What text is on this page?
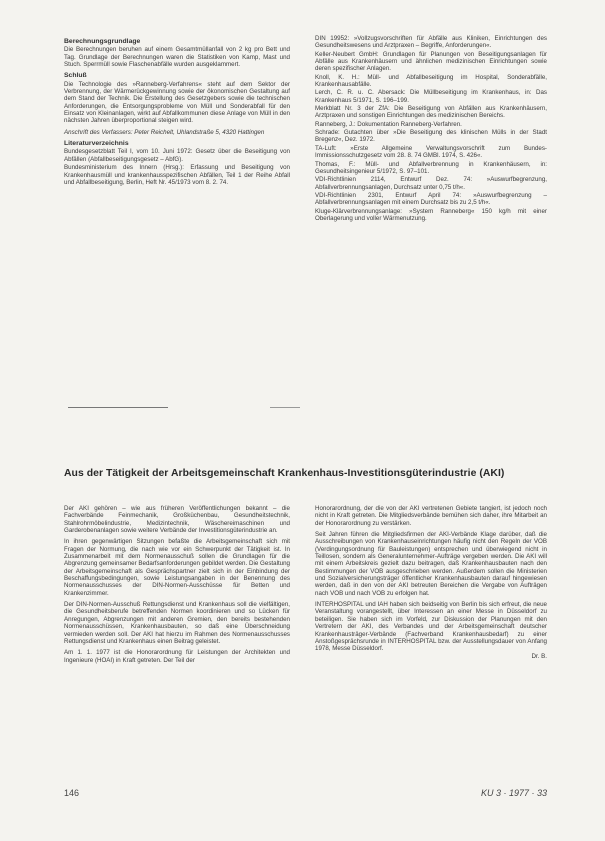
Berechnungsgrundlage

Die Berechnungen beruhen auf einem Gesamtmüllanfall von 2 kg pro Bett und Tag. Grundlage der Berechnungen waren die Statistiken von Kamp, Mast und Stuch. Sperrmüll sowie Flaschenabfälle wurden ausgeklammert.

Schluß

Die Technologie des »Ranneberg-Verfahrens« steht auf dem Sektor der Verbrennung, der Wärmerückgewinnung sowie der ökonomischen Gestaltung auf dem Stand der Technik. Die Erstellung des Gesetzgebers sowie die technischen Anforderungen, die Entsorgungsprobleme von Müll und Sonderabfall für den Einsatz von Kleinanlagen, wirkt auf Abfallkommunen diese Anlage von Müll in den nächsten Jahren überproportional steigen wird.

Anschrift des Verfassers: Peter Reichelt, Uhlandstraße 5, 4320 Hattingen

Literaturverzeichnis

Bundesgesetzblatt Teil I, vom 10. Juni 1972: Gesetz über die Beseitigung von Abfällen (Abfallbeseitigungsgesetz – AbfG).

Bundesministerium des Innern (Hrsg.): Erfassung und Beseitigung von Krankenhausmüll und krankenhausspezifischen Abfällen, Teil 1 der Reihe Abfall und Abfallbeseitigung, Berlin, Heft Nr. 45/1973 vom 8. 2. 74.

DIN 19952: »Vollzugsvorschriften für Abfälle aus Kliniken, Einrichtungen des Gesundheitswesens und Arztpraxen – Begriffe, Anforderungen«.

Keller-Neubert GmbH: Grundlagen für Planungen von Beseitigungsanlagen für Abfälle aus Krankenhäusern und ähnlichen medizinischen Einrichtungen sowie deren spezifischer Anlagen.

Knoll, K. H.: Müll- und Abfallbeseitigung im Hospital, Sonderabfälle, Krankenhausabfälle.

Lerch, C. R. u. C. Abersack: Die Müllbeseitigung im Krankenhaus, in: Das Krankenhaus 5/1971, S. 196–199.

Merkblatt Nr. 3 der ZfA: Die Beseitigung von Abfällen aus Krankenhäusern, Arztpraxen und sonstigen Einrichtungen des medizinischen Bereichs.

Ranneberg, J.: Dokumentation Ranneberg-Verfahren.

Schrade: Gutachten über »Die Beseitigung des klinischen Mülls in der Stadt Bregenz«, Dez. 1972.

TA-Luft: »Erste Allgemeine Verwaltungsvorschrift zum Bundes-Immissionsschutzgesetz vom 28. 8. 74 GMBl. 1974, S. 426«.

Thomas, F.: Müll- und Abfallverbrennung in Krankenhäusern, in: Gesundheitsingenieur 5/1972, S. 97–101.

VDI-Richtlinien 2114, Entwurf Dez. 74: »Auswurfbegrenzung, Abfallverbrennungsanlagen, Durchsatz unter 0,75 t/h«.

VDI-Richtlinien 2301, Entwurf April 74: »Auswurfbegrenzung – Abfallverbrennungsanlagen mit einem Durchsatz bis zu 2,5 t/h«.

Kluge-Klärverbrennungsanlage: »System Ranneberg« 150 kg/h mit einer Oberlagerung und voller Wärmenutzung.

Aus der Tätigkeit der Arbeitsgemeinschaft Krankenhaus-Investitionsgüterindustrie (AKI)

Der AKI gehören – wie aus früheren Veröffentlichungen bekannt – die Fachverbände Feinmechanik, Großküchenbau, Gesundheitstechnik, Stahlrohrmöbelindustrie, Medizintechnik, Wäschereimaschinen und Garderobenanlagen sowie weitere Verbände der Investitionsgüterindustrie an.

In ihren gegenwärtigen Sitzungen befaßte die Arbeitsgemeinschaft sich mit Fragen der Normung, die nach wie vor ein Schwerpunkt der Tätigkeit ist. In Zusammenarbeit mit dem Normenausschuß sollen die Grundlagen für die Abgrenzung gemeinsamer Bedarfsanforderungen gebildet werden. Die Gestaltung der Arbeitsgemeinschaft als Gesprächspartner zielt sich in der Einbindung der Beschaffungsbedingungen, sowie Leistungsangaben in der Benennung des Normenausschusses der DIN-Normen-Ausschüsse für Betten und Krankenzimmer.

Der DIN-Normen-Ausschuß Rettungsdienst und Krankenhaus soll die vielfältigen, die Gesundheitsberufe betreffenden Normen koordinieren und so Lücken für Anregungen, Abgrenzungen mit anderen Gremien, den bereits bestehenden Normenausschüssen, Krankenhausbauten, so daß eine Überschneidung vermieden werden soll. Der AKI hat hierzu im Rahmen des Normenausschusses Rettungsdienst und Krankenhaus einen Beitrag geleistet.

Am 1. 1. 1977 ist die Honorarordnung für Leistungen der Architekten und Ingenieure (HOAI) in Kraft getreten. Der Teil der

Honorarordnung, der die von der AKI vertretenen Gebiete tangiert, ist jedoch noch nicht in Kraft getreten. Die Mitgliedsverbände bemühen sich daher, ihre Mitarbeit an der Honorarordnung zu verstärken.

Seit Jahren führen die Mitgliedsfirmen der AKI-Verbände Klage darüber, daß die Ausschreibungen von Krankenhauseinrichtungen häufig nicht den Regeln der VOB (Verdingungsordnung für Bauleistungen) entsprechen und überwiegend nicht in Teillosen, sondern als Generalunternehmer-Aufträge vergeben werden. Die AKI will mit einem Arbeitskreis gezielt dazu beitragen, daß Krankenhausbauten nach den Bestimmungen der VOB ausgeschrieben werden. Außerdem sollen die Ministerien und Sozialversicherungsträger öffentlicher Krankenhausbauten darauf hingewiesen werden, daß in den von der AKI betreuten Bereichen die Vergabe von Aufträgen nach VOB und nach VOB zu erfolgen hat.

INTERHOSPITAL und IAH haben sich beidseitig von Berlin bis sich erfreut, die neue Veranstaltung vorangestellt, über Interessen an einer Messe in Düsseldorf zu beteiligen. Sie haben sich im Vorfeld, zur Diskussion der Planungen mit den Vertretern der AKI, des Verbandes und der Arbeitsgemeinschaft deutscher Krankenhausträger-Verbände (Fachverband Krankenhausbedarf) zu einer Anstoßgesprächsrunde in INTERHOSPITAL bzw. der Ausstellungsdauer von Anfang 1978, Messe Düsseldorf.

Dr. B.

146	KU 3 · 1977 · 33
